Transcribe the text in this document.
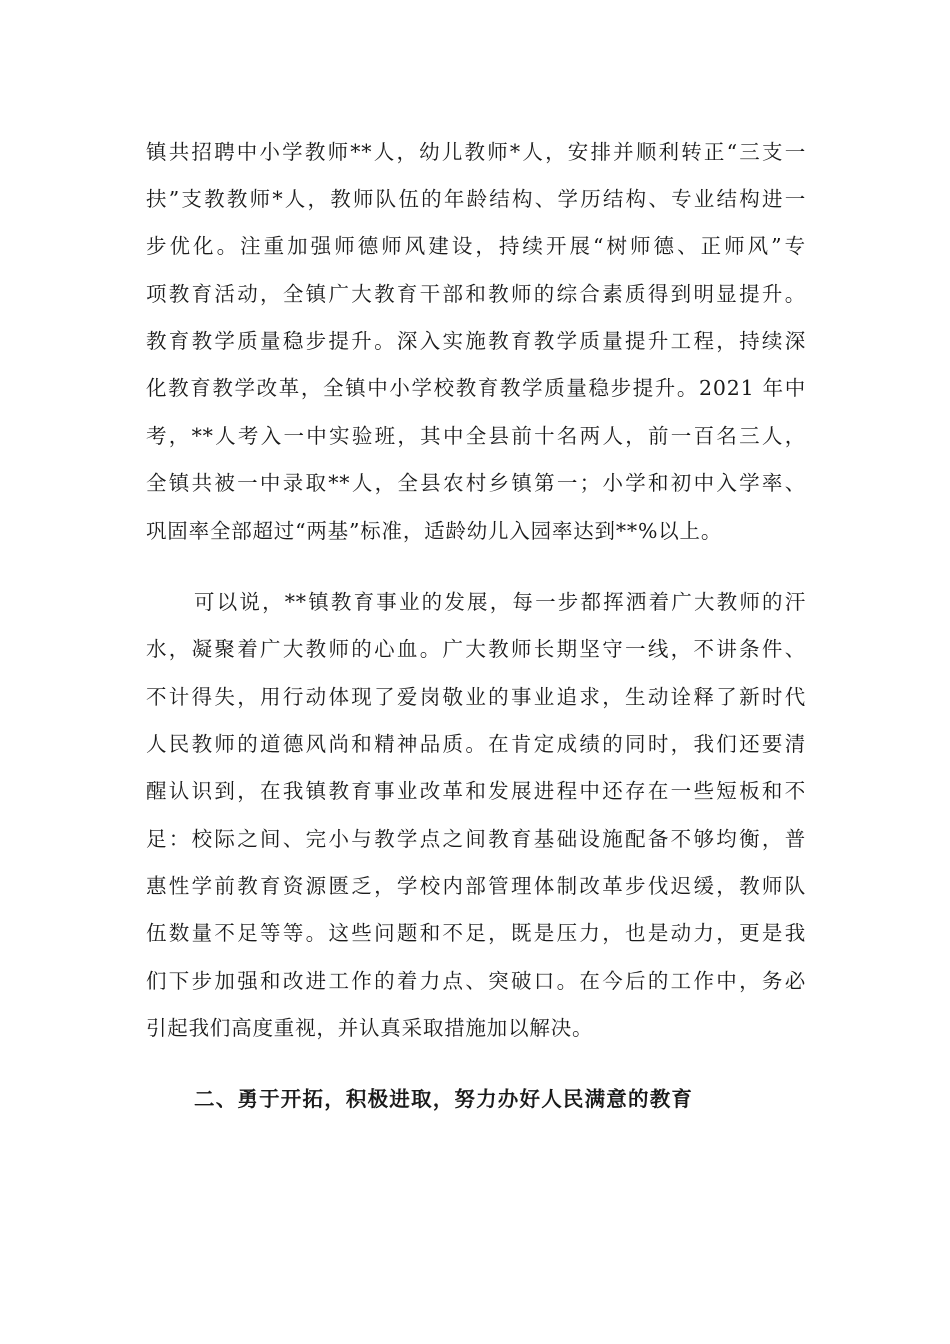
镇共招聘中小学教师**人，幼儿教师*人，安排并顺利转正“三支一
扶”支教教师*人，教师队伍的年龄结构、学历结构、专业结构进一
步优化。注重加强师德师风建设，持续开展“树师德、正师风”专
项教育活动，全镇广大教育干部和教师的综合素质得到明显提升。
教育教学质量稳步提升。深入实施教育教学质量提升工程，持续深
化教育教学改革，全镇中小学校教育教学质量稳步提升。2021 年中
考，**人考入一中实验班，其中全县前十名两人，前一百名三人，
全镇共被一中录取**人，全县农村乡镇第一；小学和初中入学率、
巩固率全部超过“两基”标准，适龄幼儿入园率达到**%以上。
可以说，**镇教育事业的发展，每一步都挥洒着广大教师的汗
水，凝聚着广大教师的心血。广大教师长期坚守一线，不讲条件、
不计得失，用行动体现了爱岗敬业的事业追求，生动诠释了新时代
人民教师的道德风尚和精神品质。在肯定成绩的同时，我们还要清
醒认识到，在我镇教育事业改革和发展进程中还存在一些短板和不
足：校际之间、完小与教学点之间教育基础设施配备不够均衡，普
惠性学前教育资源匮乏，学校内部管理体制改革步伐迟缓，教师队
伍数量不足等等。这些问题和不足，既是压力，也是动力，更是我
们下步加强和改进工作的着力点、突破口。在今后的工作中，务必
引起我们高度重视，并认真采取措施加以解决。
二、勇于开拓，积极进取，努力办好人民满意的教育
